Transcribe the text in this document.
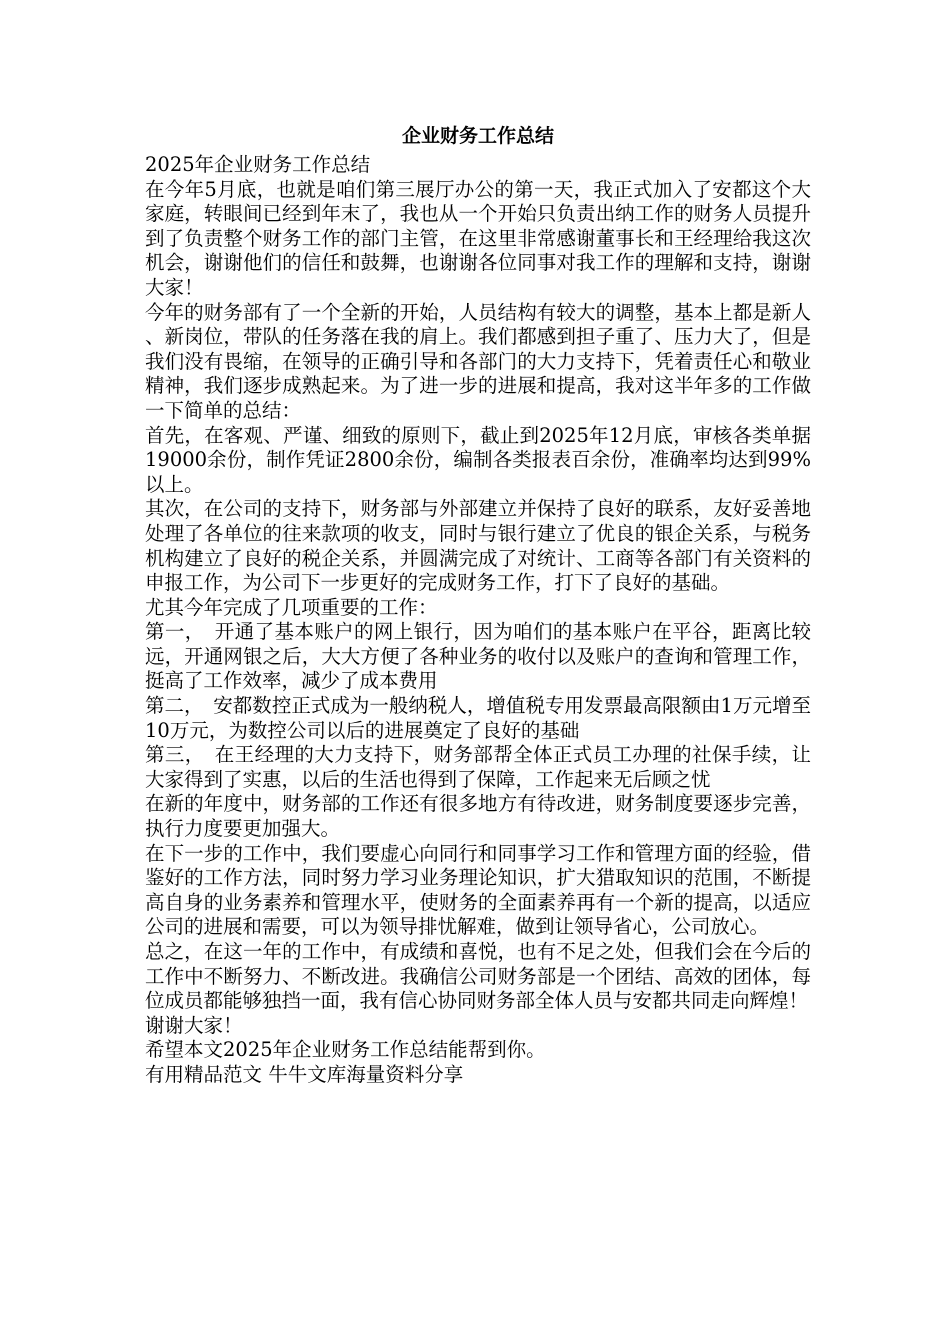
企业财务工作总结

2025年企业财务工作总结

在今年5月底，也就是咱们第三展厅办公的第一天，我正式加入了安都这个大家庭，转眼间已经到年末了，我也从一个开始只负责出纳工作的财务人员提升到了负责整个财务工作的部门主管，在这里非常感谢董事长和王经理给我这次机会，谢谢他们的信任和鼓舞，也谢谢各位同事对我工作的理解和支持，谢谢大家！

今年的财务部有了一个全新的开始，人员结构有较大的调整，基本上都是新人、新岗位，带队的任务落在我的肩上。我们都感到担子重了、压力大了，但是我们没有畏缩，在领导的正确引导和各部门的大力支持下，凭着责任心和敬业精神，我们逐步成熟起来。为了进一步的进展和提高，我对这半年多的工作做一下简单的总结：

首先，在客观、严谨、细致的原则下，截止到2025年12月底，审核各类单据19000余份，制作凭证2800余份，编制各类报表百余份，准确率均达到99%以上。

其次，在公司的支持下，财务部与外部建立并保持了良好的联系，友好妥善地处理了各单位的往来款项的收支，同时与银行建立了优良的银企关系，与税务机构建立了良好的税企关系，并圆满完成了对统计、工商等各部门有关资料的申报工作，为公司下一步更好的完成财务工作，打下了良好的基础。

尤其今年完成了几项重要的工作：

第一，　开通了基本账户的网上银行，因为咱们的基本账户在平谷，距离比较远，开通网银之后，大大方便了各种业务的收付以及账户的查询和管理工作，挺高了工作效率，减少了成本费用

第二，　安都数控正式成为一般纳税人，增值税专用发票最高限额由1万元增至10万元，为数控公司以后的进展奠定了良好的基础

第三，　在王经理的大力支持下，财务部帮全体正式员工办理的社保手续，让大家得到了实惠，以后的生活也得到了保障，工作起来无后顾之忧

在新的年度中，财务部的工作还有很多地方有待改进，财务制度要逐步完善，执行力度要更加强大。

在下一步的工作中，我们要虚心向同行和同事学习工作和管理方面的经验，借鉴好的工作方法，同时努力学习业务理论知识，扩大猎取知识的范围，不断提高自身的业务素养和管理水平，使财务的全面素养再有一个新的提高，以适应公司的进展和需要，可以为领导排忧解难，做到让领导省心，公司放心。

总之，在这一年的工作中，有成绩和喜悦，也有不足之处，但我们会在今后的工作中不断努力、不断改进。我确信公司财务部是一个团结、高效的团体，每位成员都能够独挡一面，我有信心协同财务部全体人员与安都共同走向辉煌！

谢谢大家！

希望本文2025年企业财务工作总结能帮到你。

有用精品范文 牛牛文库海量资料分享
